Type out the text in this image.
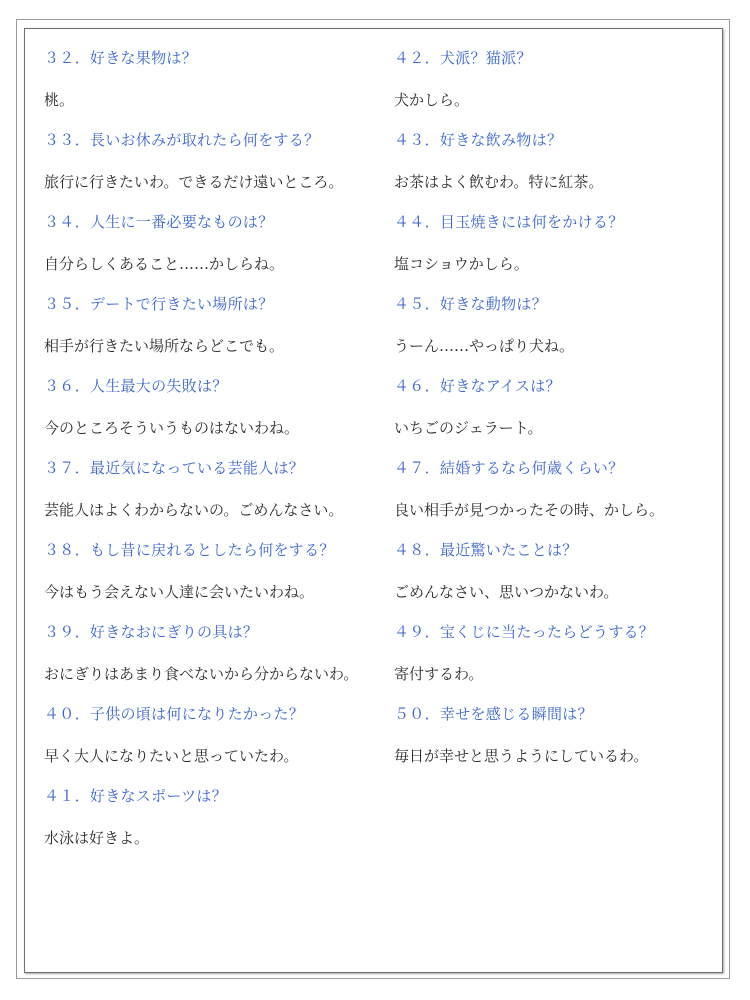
３２．好きな果物は？
桃。
３３．長いお休みが取れたら何をする？
旅行に行きたいわ。できるだけ遠いところ。
３４．人生に一番必要なものは？
自分らしくあること……かしらね。
３５．デートで行きたい場所は？
相手が行きたい場所ならどこでも。
３６．人生最大の失敗は？
今のところそういうものはないわね。
３７．最近気になっている芸能人は？
芸能人はよくわからないの。ごめんなさい。
３８．もし昔に戻れるとしたら何をする？
今はもう会えない人達に会いたいわね。
３９．好きなおにぎりの具は？
おにぎりはあまり食べないから分からないわ。
４０．子供の頃は何になりたかった？
早く大人になりたいと思っていたわ。
４１．好きなスポーツは？
水泳は好きよ。
４２．犬派？猫派？
犬かしら。
４３．好きな飲み物は？
お茶はよく飲むわ。特に紅茶。
４４．目玉焼きには何をかける？
塩コショウかしら。
４５．好きな動物は？
うーん……やっぱり犬ね。
４６．好きなアイスは？
いちごのジェラート。
４７．結婚するなら何歳くらい？
良い相手が見つかったその時、かしら。
４８．最近驚いたことは？
ごめんなさい、思いつかないわ。
４９．宝くじに当たったらどうする？
寄付するわ。
５０．幸せを感じる瞬間は？
毎日が幸せと思うようにしているわ。
